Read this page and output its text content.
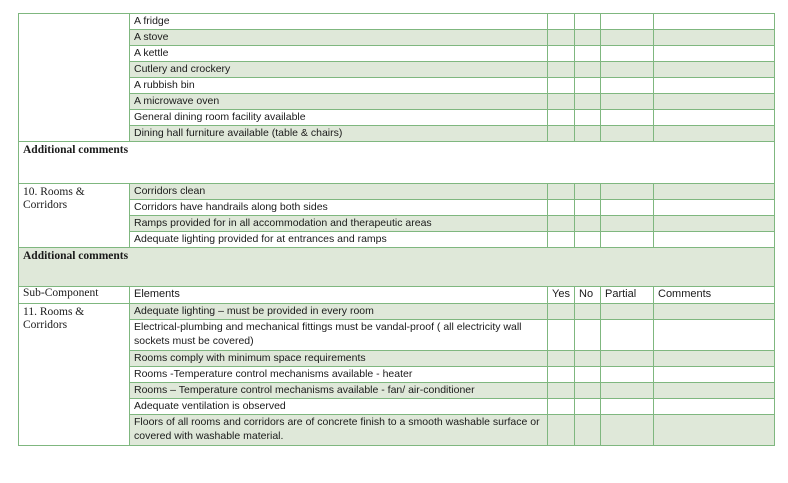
	A fridge				
	A stove				
	A kettle				
	Cutlery and crockery				
	A rubbish bin				
	A microwave oven				
	General dining room facility available				
	Dining hall furniture available (table & chairs)				
Additional comments					
10. Rooms & Corridors	Corridors clean				
	Corridors have handrails along both sides				
	Ramps provided for in all accommodation and therapeutic areas				
	Adequate lighting provided for at entrances and ramps				
Additional comments					
Sub-Component	Elements	Yes	No	Partial	Comments
11. Rooms & Corridors	Adequate lighting – must be provided in every room				
	Electrical-plumbing and mechanical fittings must be vandal-proof ( all electricity wall sockets must be covered)				
	Rooms comply with minimum space requirements				
	Rooms -Temperature control mechanisms available - heater				
	Rooms – Temperature control mechanisms available - fan/ air-conditioner				
	Adequate ventilation is observed				
	Floors of all rooms and corridors are of concrete finish to a smooth washable surface or covered with washable material.				
